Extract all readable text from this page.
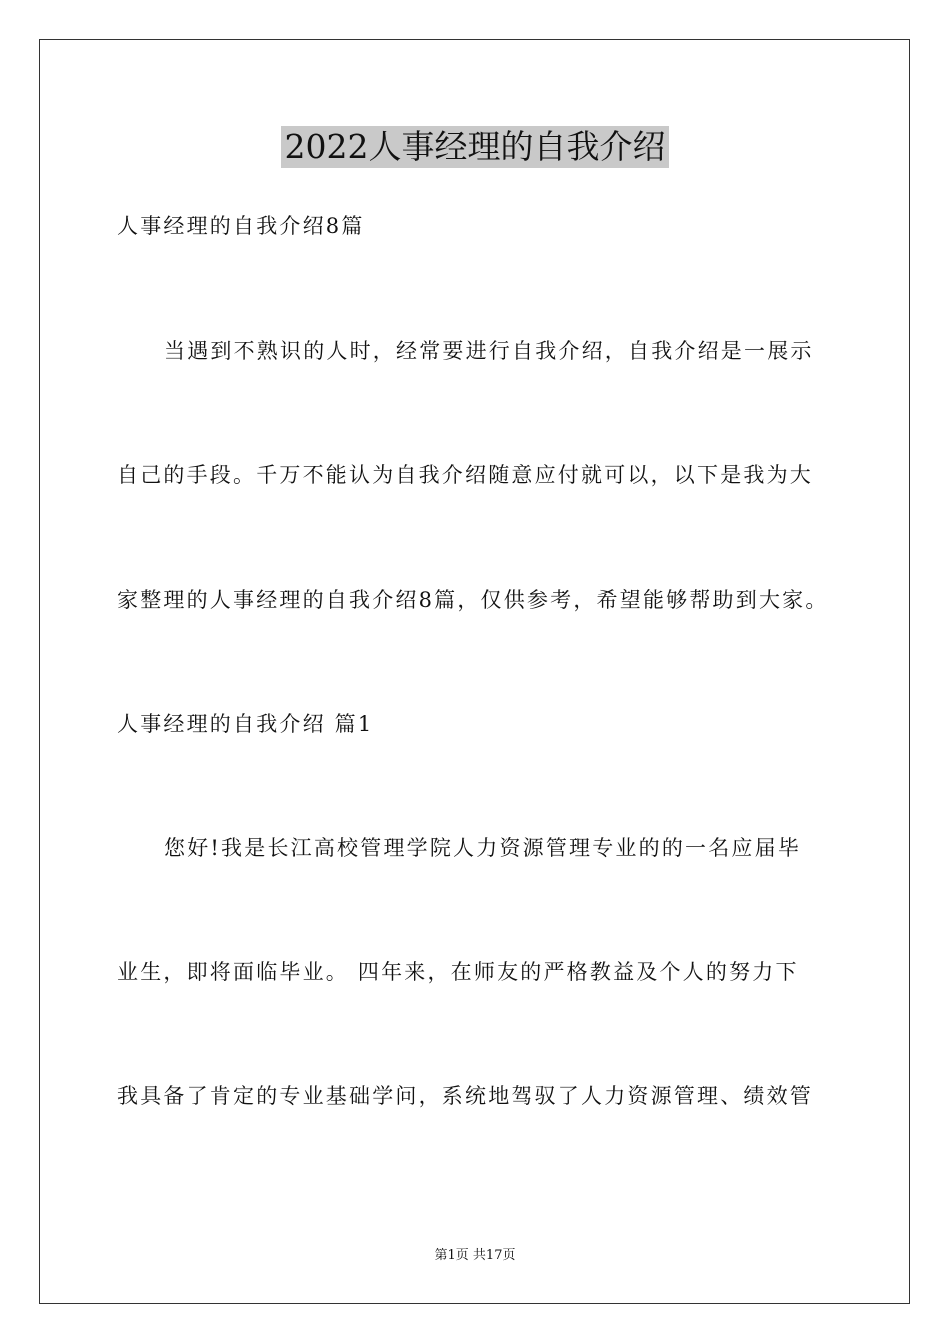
2022人事经理的自我介绍
人事经理的自我介绍8篇
当遇到不熟识的人时，经常要进行自我介绍，自我介绍是一展示
自己的手段。千万不能认为自我介绍随意应付就可以，以下是我为大
家整理的人事经理的自我介绍8篇，仅供参考，希望能够帮助到大家。
人事经理的自我介绍 篇1
您好!我是长江高校管理学院人力资源管理专业的的一名应届毕
业生，即将面临毕业。 四年来，在师友的严格教益及个人的努力下
我具备了肯定的专业基础学问，系统地驾驭了人力资源管理、绩效管
第1页 共17页
